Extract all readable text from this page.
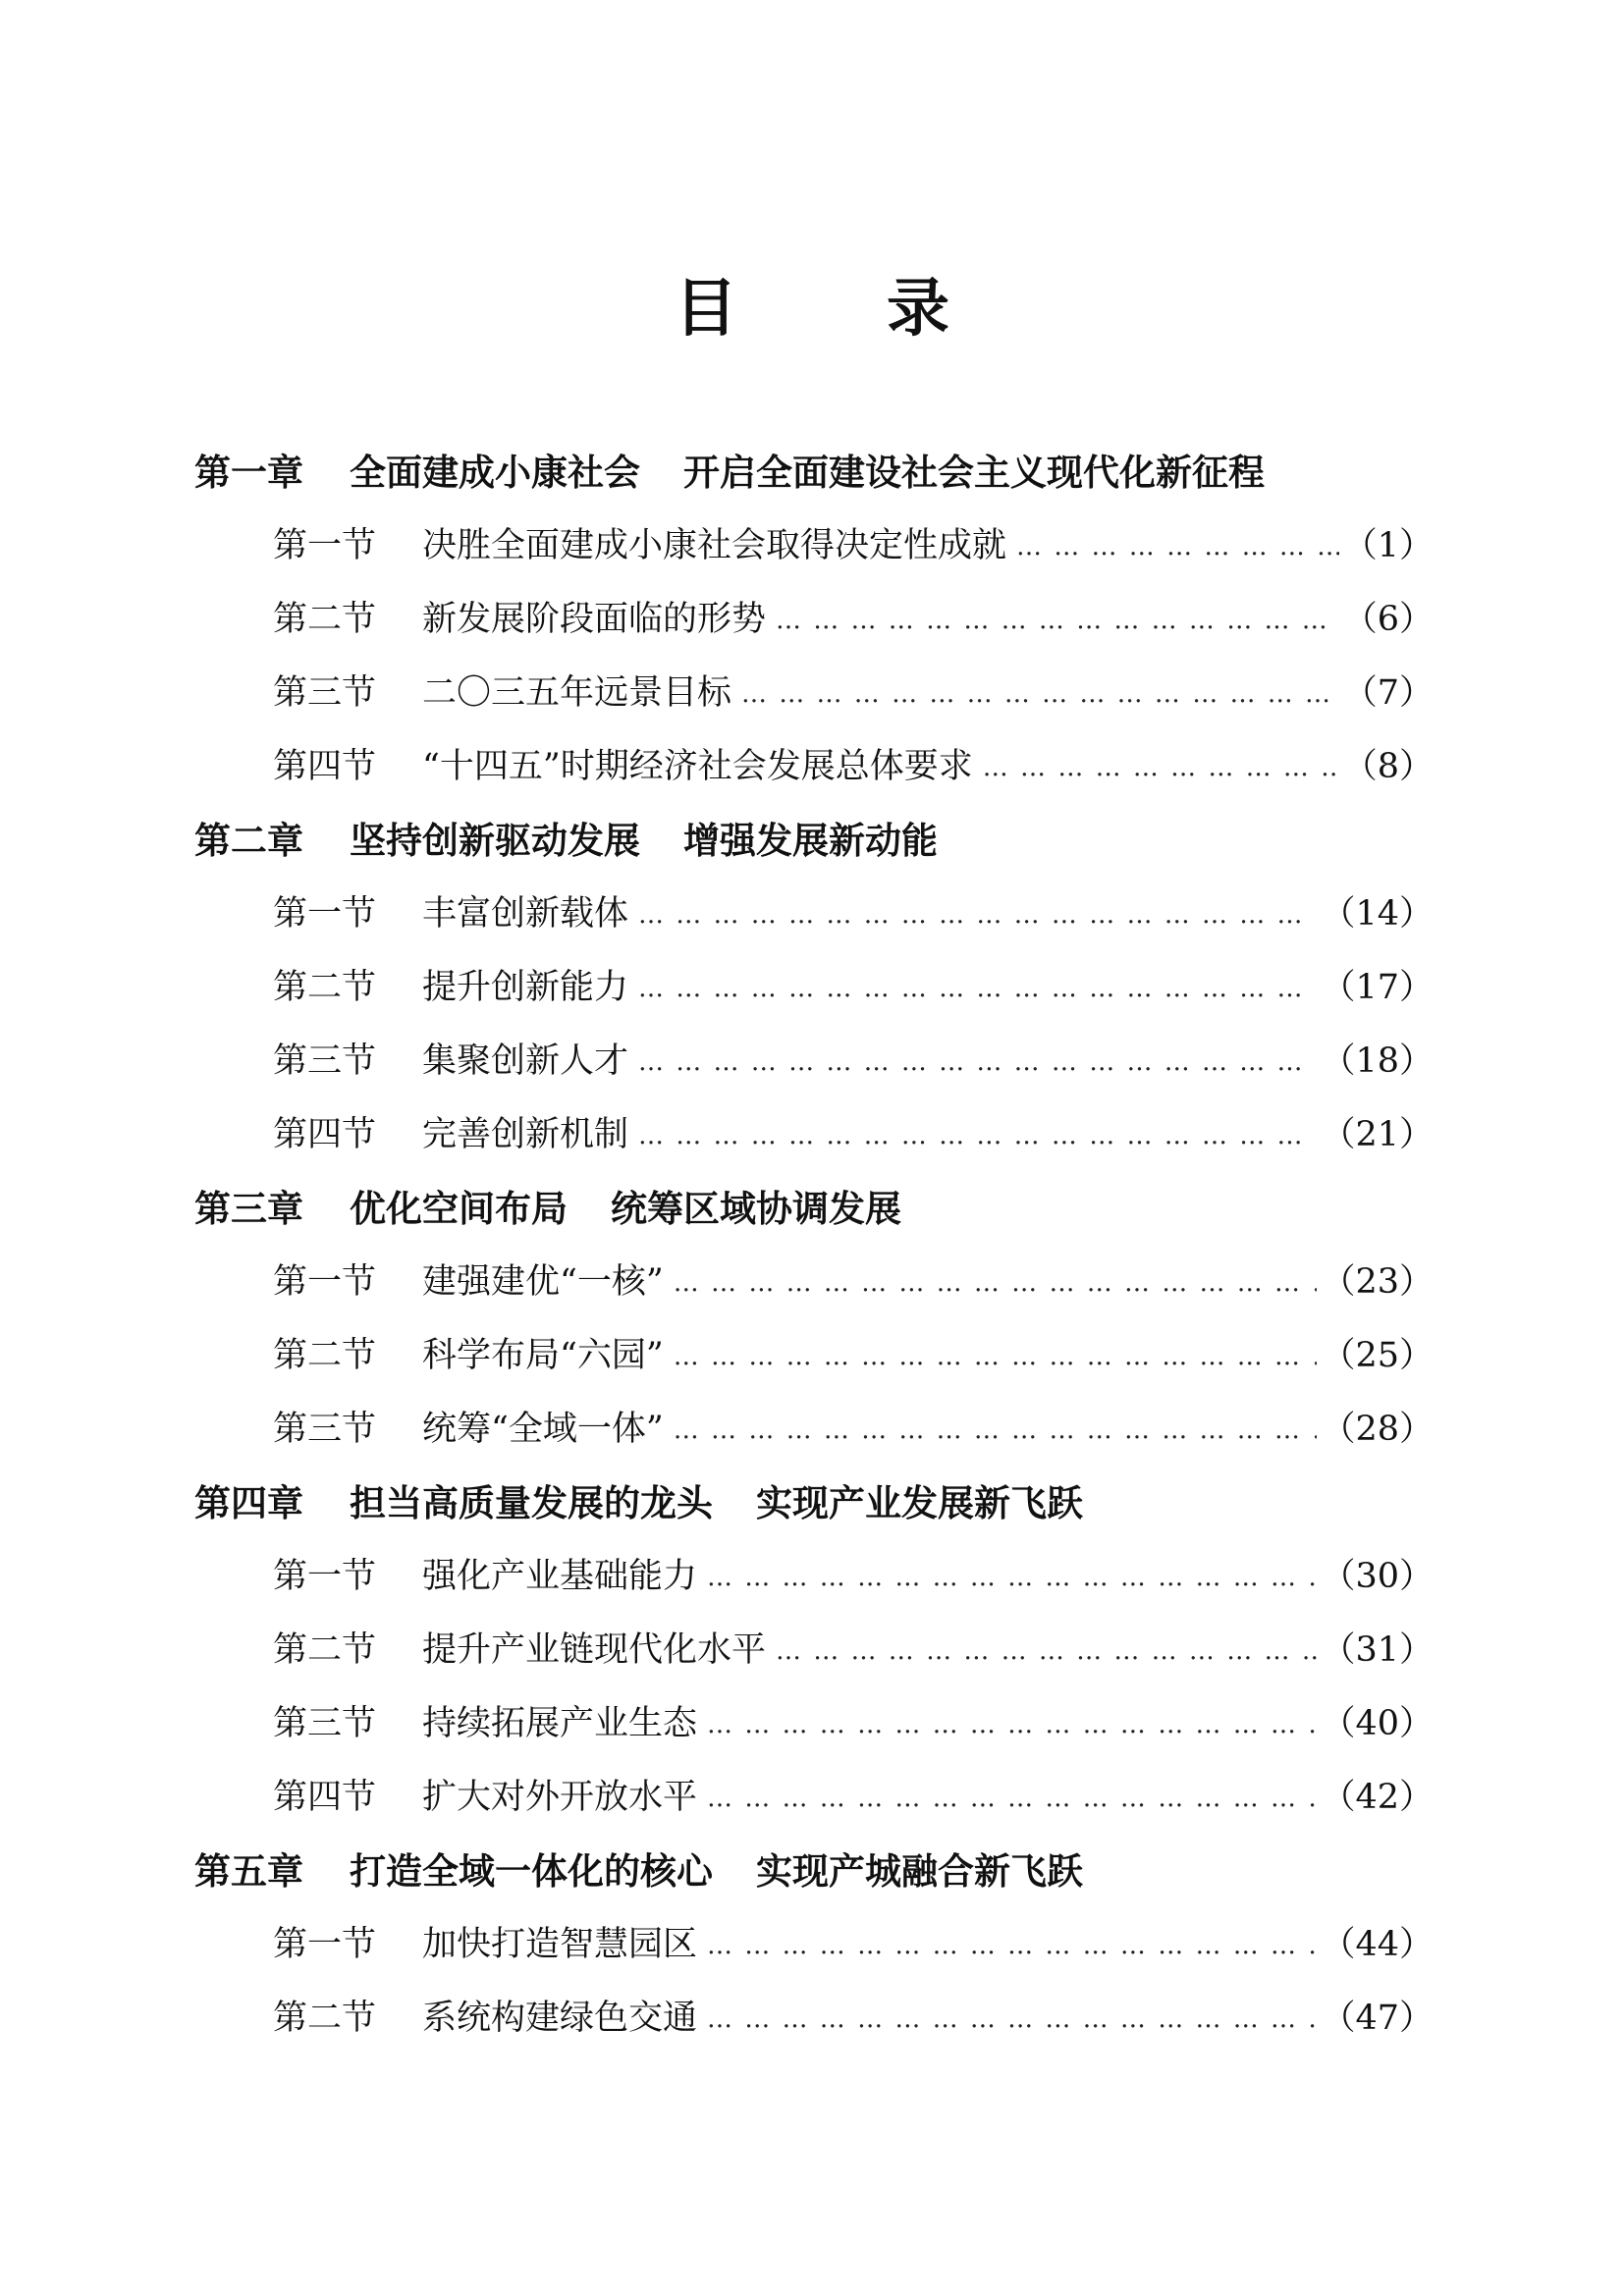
目 录
第一章	全面建成小康社会 开启全面建设社会主义现代化新征程
第一节	决胜全面建成小康社会取得决定性成就 … … … … … … … … … … … … … … … … … … … … … … … … … … … … … … … … … … … … … … … … … … … … … … … … … …	（1）
第二节	新发展阶段面临的形势 … … … … … … … … … … … … … … … … … … … … … … … … … … … … … … … … … … … … … … … … … … … … … … … … … …	（6）
第三节	二〇三五年远景目标 … … … … … … … … … … … … … … … … … … … … … … … … … … … … … … … … … … … … … … … … … … … … … … … … … …	（7）
第四节	“十四五”时期经济社会发展总体要求 … … … … … … … … … … … … … … … … … … … … … … … … … … … … … … … … … … … … … … … … … … … … … … … … … …	（8）
第二章	坚持创新驱动发展 增强发展新动能
第一节	丰富创新载体 … … … … … … … … … … … … … … … … … … … … … … … … … … … … … … … … … … … … … … … … … … … … … … … … … …	（14）
第二节	提升创新能力 … … … … … … … … … … … … … … … … … … … … … … … … … … … … … … … … … … … … … … … … … … … … … … … … … …	（17）
第三节	集聚创新人才 … … … … … … … … … … … … … … … … … … … … … … … … … … … … … … … … … … … … … … … … … … … … … … … … … …	（18）
第四节	完善创新机制 … … … … … … … … … … … … … … … … … … … … … … … … … … … … … … … … … … … … … … … … … … … … … … … … … …	（21）
第三章	优化空间布局 统筹区域协调发展
第一节	建强建优“一核” … … … … … … … … … … … … … … … … … … … … … … … … … … … … … … … … … … … … … … … … … … … … … … … … … …	（23）
第二节	科学布局“六园” … … … … … … … … … … … … … … … … … … … … … … … … … … … … … … … … … … … … … … … … … … … … … … … … … …	（25）
第三节	统筹“全域一体” … … … … … … … … … … … … … … … … … … … … … … … … … … … … … … … … … … … … … … … … … … … … … … … … … …	（28）
第四章	担当高质量发展的龙头 实现产业发展新飞跃
第一节	强化产业基础能力 … … … … … … … … … … … … … … … … … … … … … … … … … … … … … … … … … … … … … … … … … … … … … … … … … …	（30）
第二节	提升产业链现代化水平 … … … … … … … … … … … … … … … … … … … … … … … … … … … … … … … … … … … … … … … … … … … … … … … … … …	（31）
第三节	持续拓展产业生态 … … … … … … … … … … … … … … … … … … … … … … … … … … … … … … … … … … … … … … … … … … … … … … … … … …	（40）
第四节	扩大对外开放水平 … … … … … … … … … … … … … … … … … … … … … … … … … … … … … … … … … … … … … … … … … … … … … … … … … …	（42）
第五章	打造全域一体化的核心 实现产城融合新飞跃
第一节	加快打造智慧园区 … … … … … … … … … … … … … … … … … … … … … … … … … … … … … … … … … … … … … … … … … … … … … … … … … …	（44）
第二节	系统构建绿色交通 … … … … … … … … … … … … … … … … … … … … … … … … … … … … … … … … … … … … … … … … … … … … … … … … … …	（47）
